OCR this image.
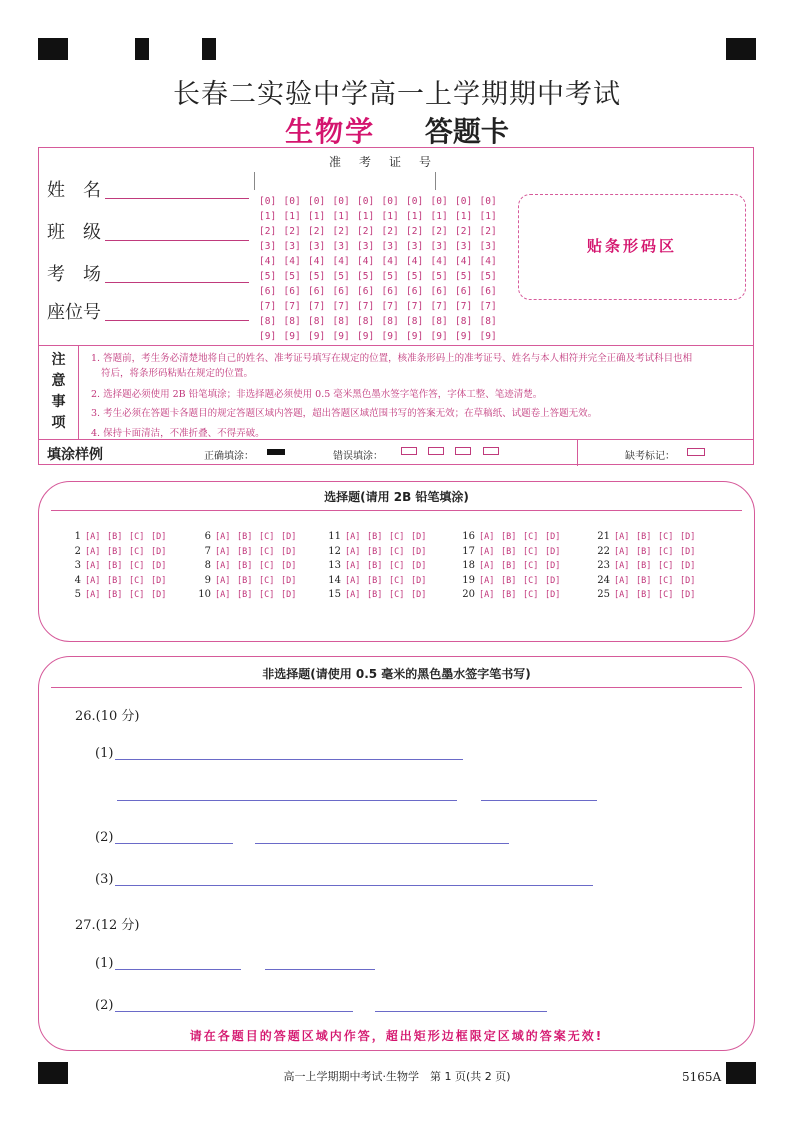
长春二实验中学高一上学期期中考试
生物学 答题卡
姓　名
班　级
考　场
座位号
准考证号
[0] [0] [0] [0] [0] [0] [0] [0] [0] [0]
[1] [1] [1] [1] [1] [1] [1] [1] [1] [1]
[2] [2] [2] [2] [2] [2] [2] [2] [2] [2]
[3] [3] [3] [3] [3] [3] [3] [3] [3] [3]
[4] [4] [4] [4] [4] [4] [4] [4] [4] [4]
[5] [5] [5] [5] [5] [5] [5] [5] [5] [5]
[6] [6] [6] [6] [6] [6] [6] [6] [6] [6]
[7] [7] [7] [7] [7] [7] [7] [7] [7] [7]
[8] [8] [8] [8] [8] [8] [8] [8] [8] [8]
[9] [9] [9] [9] [9] [9] [9] [9] [9] [9]
贴条形码区
注意事项
1. 答题前，考生务必清楚地将自己的姓名、准考证号填写在规定的位置，核准条形码上的准考证号、姓名与本人相符并完全正确及考试科目也相
符后，将条形码粘贴在规定的位置。
2. 选择题必须使用 2B 铅笔填涂；非选择题必须使用 0.5 毫米黑色墨水签字笔作答，字体工整、笔迹清楚。
3. 考生必须在答题卡各题目的规定答题区域内答题，超出答题区域范围书写的答案无效；在草稿纸、试题卷上答题无效。
4. 保持卡面清洁，不准折叠、不得弄破。
填涂样例	正确填涂：	错误填涂：
	缺考标记：
选择题(请用 2B 铅笔填涂)
1 [A] [B] [C] [D]
2 [A] [B] [C] [D]
3 [A] [B] [C] [D]
4 [A] [B] [C] [D]
5 [A] [B] [C] [D]
6 [A] [B] [C] [D]
7 [A] [B] [C] [D]
8 [A] [B] [C] [D]
9 [A] [B] [C] [D]
10 [A] [B] [C] [D]
11 [A] [B] [C] [D]
12 [A] [B] [C] [D]
13 [A] [B] [C] [D]
14 [A] [B] [C] [D]
15 [A] [B] [C] [D]
16 [A] [B] [C] [D]
17 [A] [B] [C] [D]
18 [A] [B] [C] [D]
19 [A] [B] [C] [D]
20 [A] [B] [C] [D]
21 [A] [B] [C] [D]
22 [A] [B] [C] [D]
23 [A] [B] [C] [D]
24 [A] [B] [C] [D]
25 [A] [B] [C] [D]
非选择题(请使用 0.5 毫米的黑色墨水签字笔书写)
26.(10 分)
(1)
(2)
(3)
27.(12 分)
(1)
(2)
请在各题目的答题区域内作答，超出矩形边框限定区域的答案无效!
高一上学期期中考试·生物学　第 1 页(共 2 页)	5165A
